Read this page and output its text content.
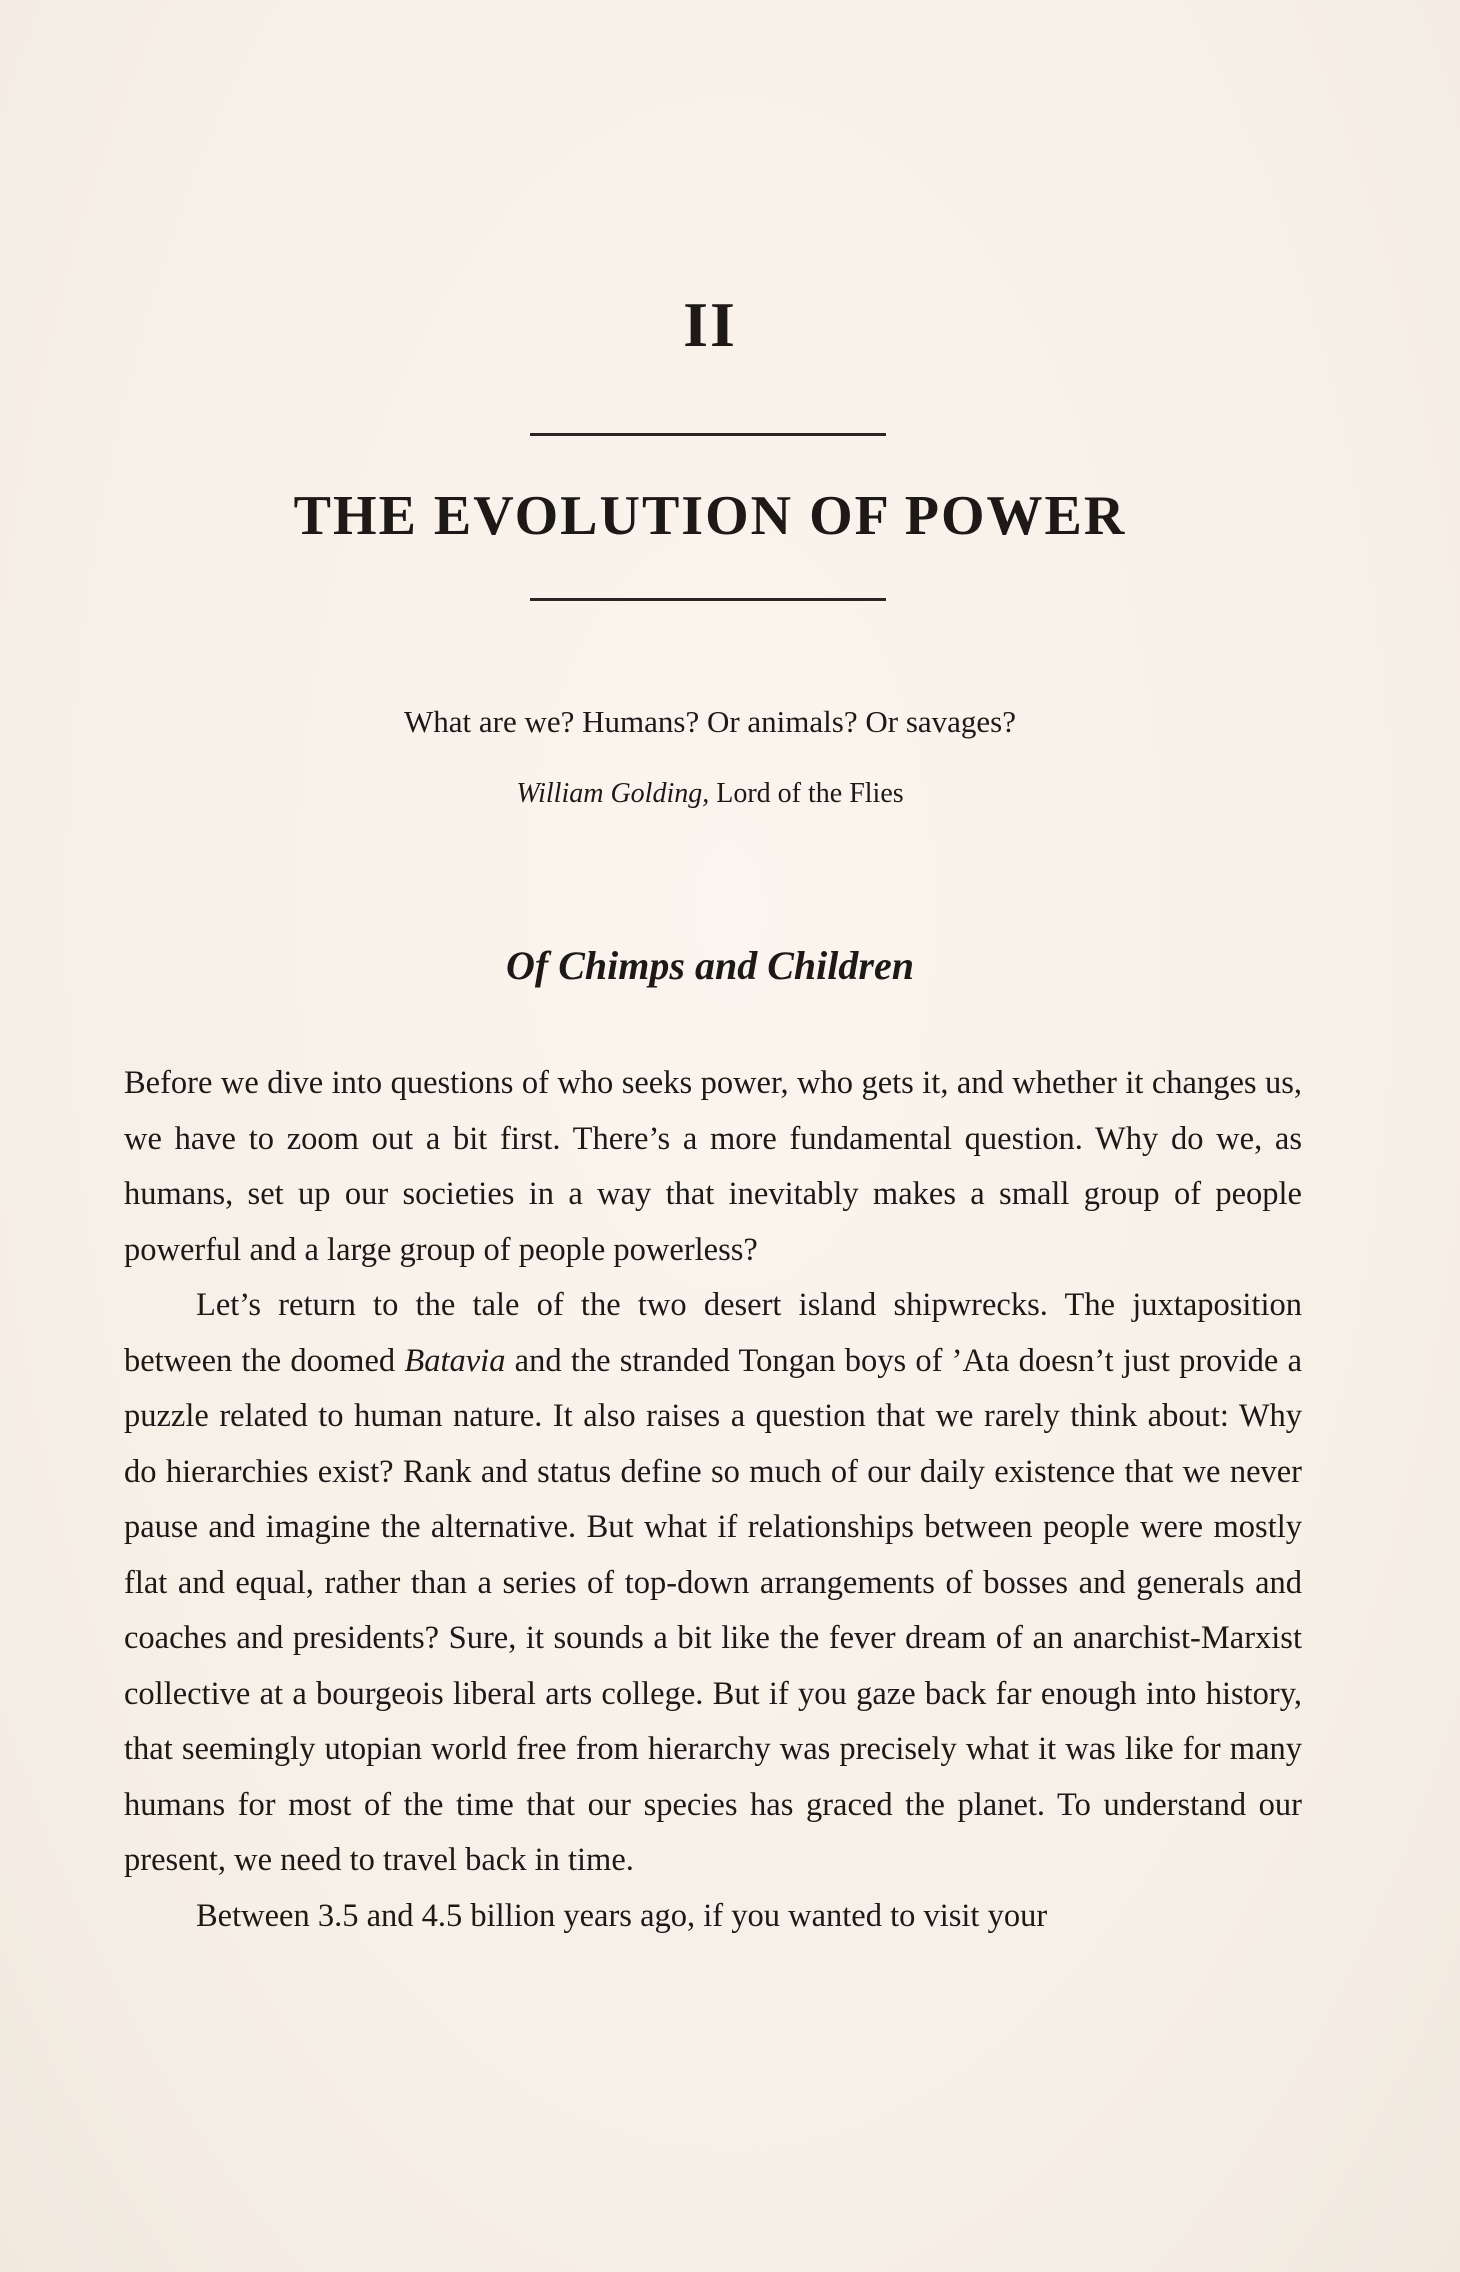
II
THE EVOLUTION OF POWER
What are we? Humans? Or animals? Or savages?
William Golding, Lord of the Flies
Of Chimps and Children

Before we dive into questions of who seeks power, who gets it, and whether it changes us, we have to zoom out a bit first. There’s a more fundamental question. Why do we, as humans, set up our societies in a way that inevitably makes a small group of people powerful and a large group of people powerless?

Let’s return to the tale of the two desert island shipwrecks. The juxtaposition between the doomed Batavia and the stranded Tongan boys of ’Ata doesn’t just provide a puzzle related to human nature. It also raises a question that we rarely think about: Why do hierarchies exist? Rank and status define so much of our daily existence that we never pause and imagine the alternative. But what if relationships between people were mostly flat and equal, rather than a series of top-down arrangements of bosses and generals and coaches and presidents? Sure, it sounds a bit like the fever dream of an anarchist-Marxist collective at a bourgeois liberal arts college. But if you gaze back far enough into history, that seemingly utopian world free from hierarchy was precisely what it was like for many humans for most of the time that our species has graced the planet. To understand our present, we need to travel back in time.

Between 3.5 and 4.5 billion years ago, if you wanted to visit your
